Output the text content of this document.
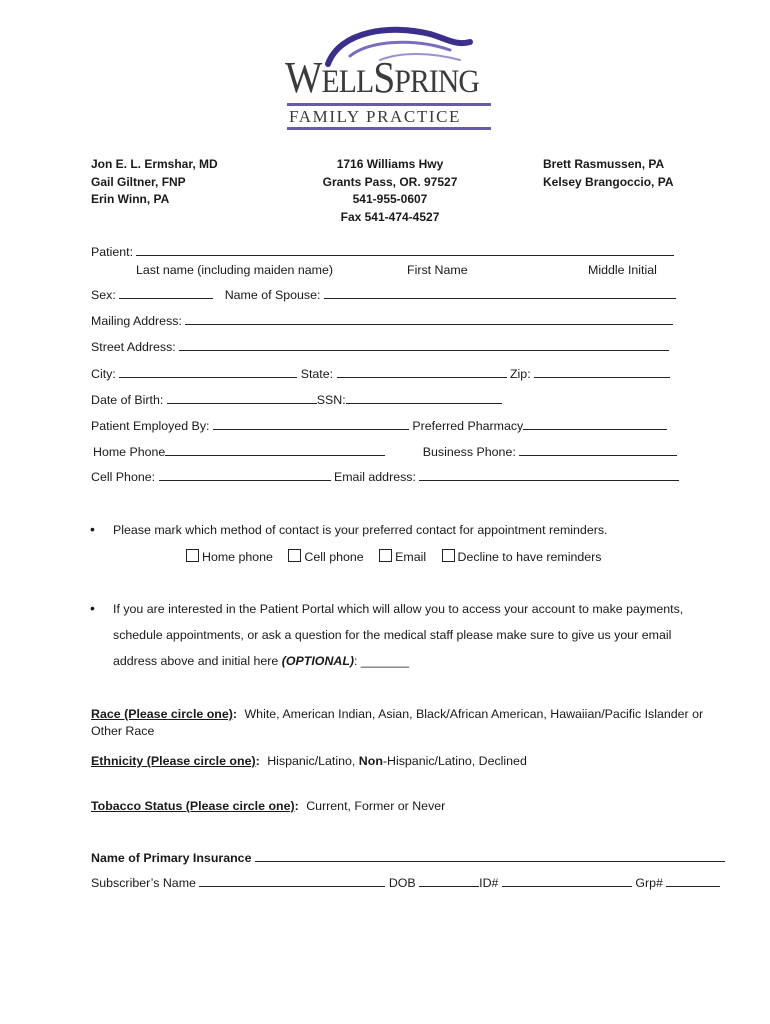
WELLSPRING
FAMILY PRACTICE
Jon E. L. Ermshar, MD
Gail Giltner, FNP
Erin Winn, PA
1716 Williams Hwy
Grants Pass, OR. 97527
541-955-0607
Fax 541-474-4527
Brett Rasmussen, PA
Kelsey Brangoccio, PA
Patient:
Last name (including maiden name)	First Name	Middle Initial
Sex:	Name of Spouse:
Mailing Address:
Street Address:
City:	State:	Zip:
Date of Birth:	SSN:
Patient Employed By:	Preferred Pharmacy
Home Phone	Business Phone:
Cell Phone:	Email address:
• Please mark which method of contact is your preferred contact for appointment reminders.
Home phone	Cell phone	Email	Decline to have reminders
• If you are interested in the Patient Portal which will allow you to access your account to make payments,
schedule appointments, or ask a question for the medical staff please make sure to give us your email
address above and initial here (OPTIONAL): _______
Race (Please circle one): White, American Indian, Asian, Black/African American, Hawaiian/Pacific Islander or
Other Race
Ethnicity (Please circle one): Hispanic/Latino, Non-Hispanic/Latino, Declined
Tobacco Status (Please circle one): Current, Former or Never
Name of Primary Insurance
Subscriber’s Name	DOB	ID#	Grp#
